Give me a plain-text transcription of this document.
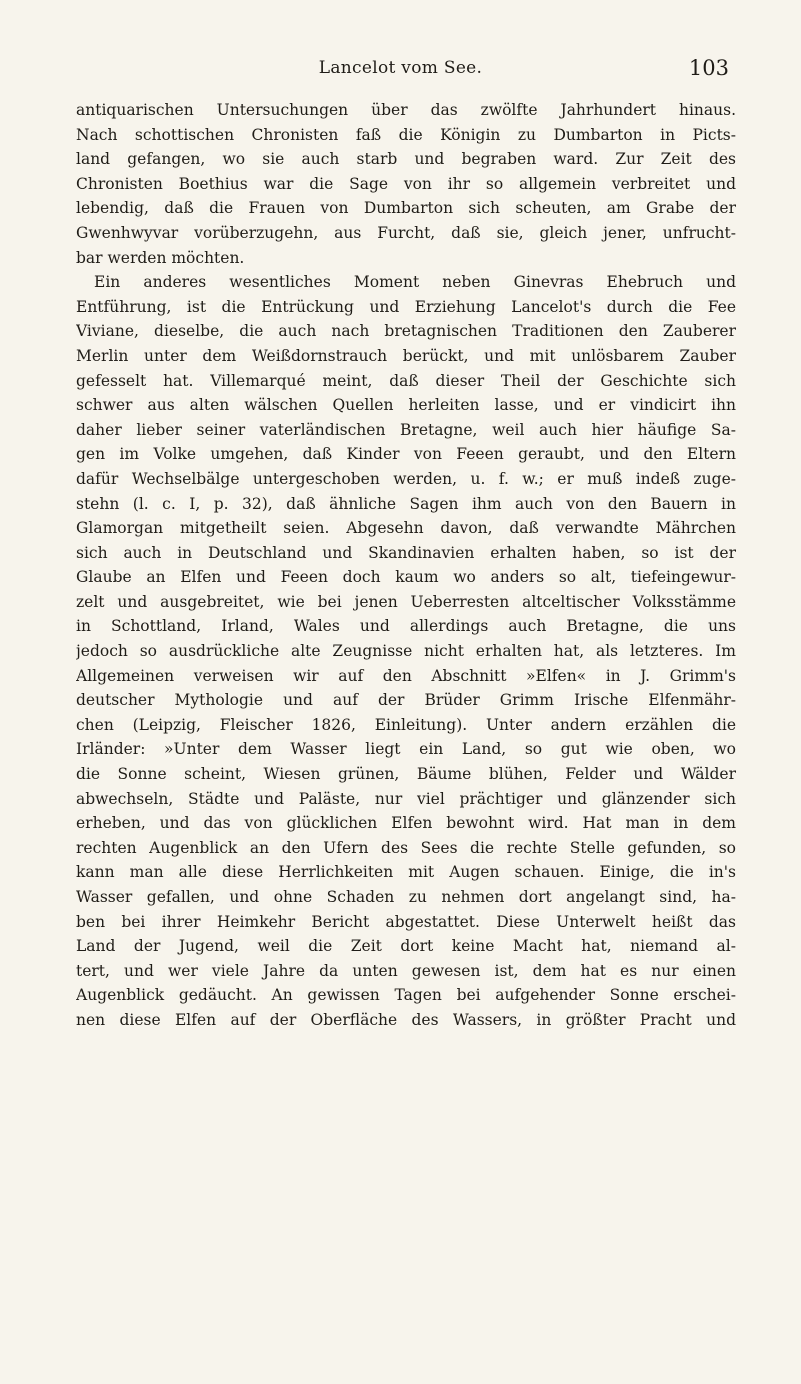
Lancelot vom See.	103
antiquarischen Untersuchungen über das zwölfte Jahrhundert hinaus.
Nach schottischen Chronisten faß die Königin zu Dumbarton in Picts-
land gefangen, wo sie auch starb und begraben ward. Zur Zeit des
Chronisten Boethius war die Sage von ihr so allgemein verbreitet und
lebendig, daß die Frauen von Dumbarton sich scheuten, am Grabe der
Gwenhwyvar vorüberzugehn, aus Furcht, daß sie, gleich jener, unfrucht-
bar werden möchten.
Ein anderes wesentliches Moment neben Ginevras Ehebruch und
Entführung, ist die Entrückung und Erziehung Lancelot's durch die Fee
Viviane, dieselbe, die auch nach bretagnischen Traditionen den Zauberer
Merlin unter dem Weißdornstrauch berückt, und mit unlösbarem Zauber
gefesselt hat. Villemarqué meint, daß dieser Theil der Geschichte sich
schwer aus alten wälschen Quellen herleiten lasse, und er vindicirt ihn
daher lieber seiner vaterländischen Bretagne, weil auch hier häufige Sa-
gen im Volke umgehen, daß Kinder von Feeen geraubt, und den Eltern
dafür Wechselbälge untergeschoben werden, u. f. w.; er muß indeß zuge-
stehn (l. c. I, p. 32), daß ähnliche Sagen ihm auch von den Bauern in
Glamorgan mitgetheilt seien. Abgesehn davon, daß verwandte Mährchen
sich auch in Deutschland und Skandinavien erhalten haben, so ist der
Glaube an Elfen und Feeen doch kaum wo anders so alt, tiefeingewur-
zelt und ausgebreitet, wie bei jenen Ueberresten altceltischer Volksstämme
in Schottland, Irland, Wales und allerdings auch Bretagne, die uns
jedoch so ausdrückliche alte Zeugnisse nicht erhalten hat, als letzteres. Im
Allgemeinen verweisen wir auf den Abschnitt »Elfen« in J. Grimm's
deutscher Mythologie und auf der Brüder Grimm Irische Elfenmähr-
chen (Leipzig, Fleischer 1826, Einleitung). Unter andern erzählen die
Irländer: »Unter dem Wasser liegt ein Land, so gut wie oben, wo
die Sonne scheint, Wiesen grünen, Bäume blühen, Felder und Wälder
abwechseln, Städte und Paläste, nur viel prächtiger und glänzender sich
erheben, und das von glücklichen Elfen bewohnt wird. Hat man in dem
rechten Augenblick an den Ufern des Sees die rechte Stelle gefunden, so
kann man alle diese Herrlichkeiten mit Augen schauen. Einige, die in's
Wasser gefallen, und ohne Schaden zu nehmen dort angelangt sind, ha-
ben bei ihrer Heimkehr Bericht abgestattet. Diese Unterwelt heißt das
Land der Jugend, weil die Zeit dort keine Macht hat, niemand al-
tert, und wer viele Jahre da unten gewesen ist, dem hat es nur einen
Augenblick gedäucht. An gewissen Tagen bei aufgehender Sonne erschei-
nen diese Elfen auf der Oberfläche des Wassers, in größter Pracht und
